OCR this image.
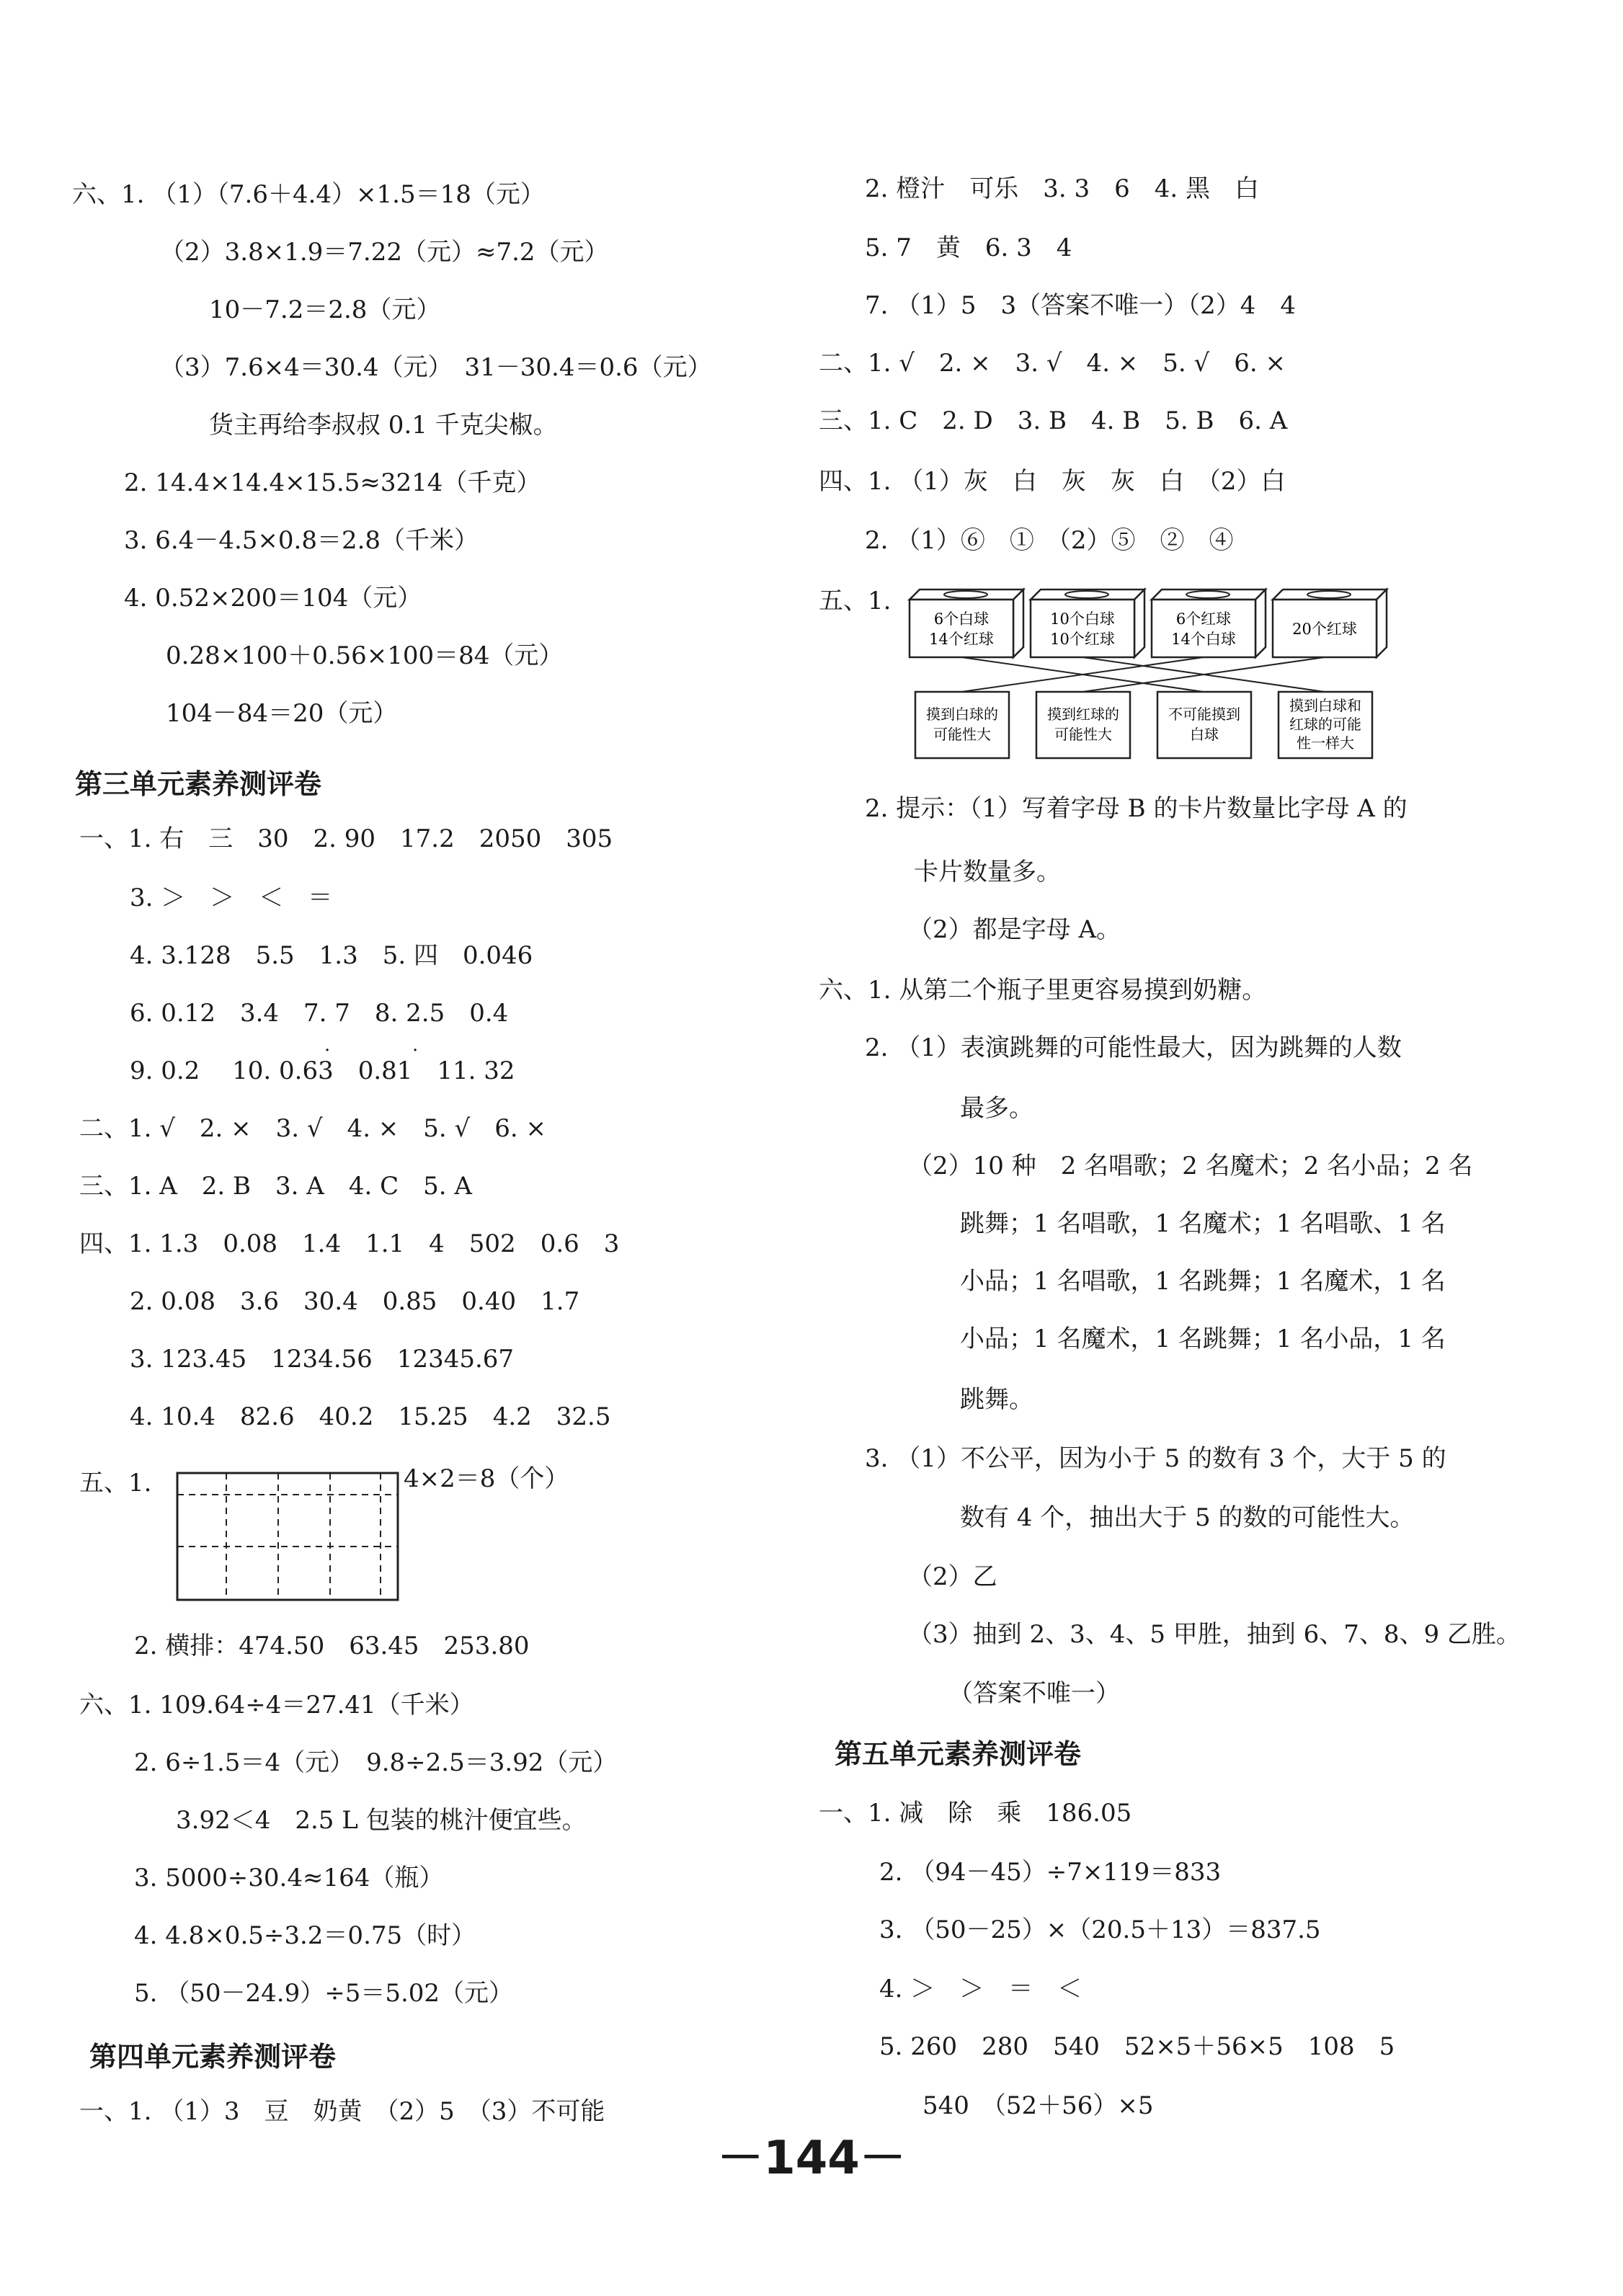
六、1. （1）（7.6＋4.4）×1.5＝18（元）
（2）3.8×1.9＝7.22（元）≈7.2（元）
10－7.2＝2.8（元）
（3）7.6×4＝30.4（元）　31－30.4＝0.6（元）
货主再给李叔叔 0.1 千克尖椒。
2. 14.4×14.4×15.5≈3214（千克）
3. 6.4－4.5×0.8＝2.8（千米）
4. 0.52×200＝104（元）
0.28×100＋0.56×100＝84（元）
104－84＝20（元）
第三单元素养测评卷
一、1. 右　三　30　2. 90　17.2　2050　305
3. ＞　＞　＜　＝
4. 3.128　5.5　1.3　5. 四　0.046
6. 0.12　3.4　7. 7　8. 2.5　0.4
·	·
9. 0.2　 10. 0.63　0.81　11. 32
二、1. √　2. ×　3. √　4. ×　5. √　6. ×
三、1. A　2. B　3. A　4. C　5. A
四、1. 1.3　0.08　1.4　1.1　4　502　0.6　3
2. 0.08　3.6　30.4　0.85　0.40　1.7
3. 123.45　1234.56　12345.67
4. 10.4　82.6　40.2　15.25　4.2　32.5
五、1.	4×2＝8（个）
2. 横排：474.50　63.45　253.80
六、1. 109.64÷4＝27.41（千米）
2. 6÷1.5＝4（元）　9.8÷2.5＝3.92（元）
3.92＜4　2.5 L 包装的桃汁便宜些。
3. 5000÷30.4≈164（瓶）
4. 4.8×0.5÷3.2＝0.75（时）
5. （50－24.9）÷5＝5.02（元）
第四单元素养测评卷
一、1. （1）3　豆　奶黄　（2）5　（3）不可能
2. 橙汁　可乐　3. 3　6　4. 黑　白
5. 7　黄　6. 3　4
7. （1）5　3（答案不唯一）（2）4　4
二、1. √　2. ×　3. √　4. ×　5. √　6. ×
三、1. C　2. D　3. B　4. B　5. B　6. A
四、1. （1）灰　白　灰　灰　白　（2）白
2. （1）⑥　①　（2）⑤　②　④
五、1.
6个白球
14个红球
10个白球
10个红球
6个红球
14个白球
20个红球
摸到白球的
可能性大
摸到红球的
可能性大
不可能摸到
白球
摸到白球和
红球的可能
性一样大
2. 提示：（1）写着字母 B 的卡片数量比字母 A 的
卡片数量多。
（2）都是字母 A。
六、1. 从第二个瓶子里更容易摸到奶糖。
2. （1）表演跳舞的可能性最大，因为跳舞的人数
最多。
（2）10 种　2 名唱歌；2 名魔术；2 名小品；2 名
跳舞；1 名唱歌，1 名魔术；1 名唱歌、1 名
小品；1 名唱歌，1 名跳舞；1 名魔术，1 名
小品；1 名魔术，1 名跳舞；1 名小品，1 名
跳舞。
3. （1）不公平，因为小于 5 的数有 3 个，大于 5 的
数有 4 个，抽出大于 5 的数的可能性大。
（2）乙
（3）抽到 2、3、4、5 甲胜，抽到 6、7、8、9 乙胜。
（答案不唯一）
第五单元素养测评卷
一、1. 减　除　乘　186.05
2. （94－45）÷7×119＝833
3. （50－25）×（20.5＋13）＝837.5
4. ＞　＞　＝　＜
5. 260　280　540　52×5＋56×5　108　5
540　（52＋56）×5
－144－
